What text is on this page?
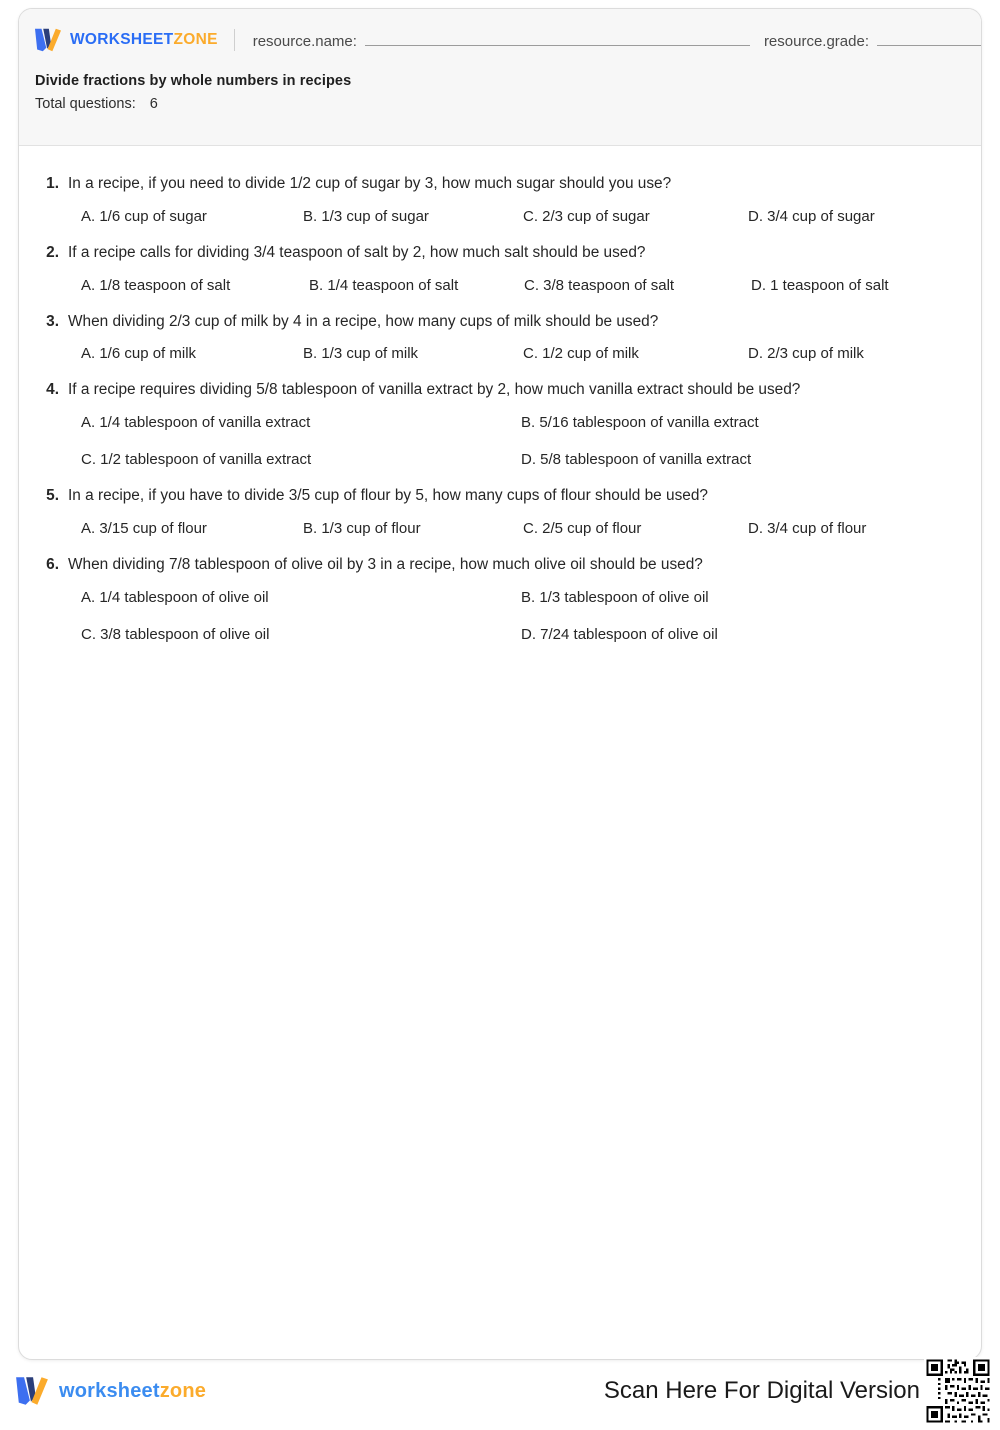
WORKSHEETZONE resource.name:	resource.grade:
Divide fractions by whole numbers in recipes
Total questions: 6
1. In a recipe, if you need to divide 1/2 cup of sugar by 3, how much sugar should you use?
A. 1/6 cup of sugar	B. 1/3 cup of sugar	C. 2/3 cup of sugar	D. 3/4 cup of sugar
2. If a recipe calls for dividing 3/4 teaspoon of salt by 2, how much salt should be used?
A. 1/8 teaspoon of salt	B. 1/4 teaspoon of salt	C. 3/8 teaspoon of salt	D. 1 teaspoon of salt
3. When dividing 2/3 cup of milk by 4 in a recipe, how many cups of milk should be used?
A. 1/6 cup of milk	B. 1/3 cup of milk	C. 1/2 cup of milk	D. 2/3 cup of milk
4. If a recipe requires dividing 5/8 tablespoon of vanilla extract by 2, how much vanilla extract should be used?
A. 1/4 tablespoon of vanilla extract	B. 5/16 tablespoon of vanilla extract
C. 1/2 tablespoon of vanilla extract	D. 5/8 tablespoon of vanilla extract
5. In a recipe, if you have to divide 3/5 cup of flour by 5, how many cups of flour should be used?
A. 3/15 cup of flour	B. 1/3 cup of flour	C. 2/5 cup of flour	D. 3/4 cup of flour
6. When dividing 7/8 tablespoon of olive oil by 3 in a recipe, how much olive oil should be used?
A. 1/4 tablespoon of olive oil	B. 1/3 tablespoon of olive oil
C. 3/8 tablespoon of olive oil	D. 7/24 tablespoon of olive oil
worksheetzone	Scan Here For Digital Version
